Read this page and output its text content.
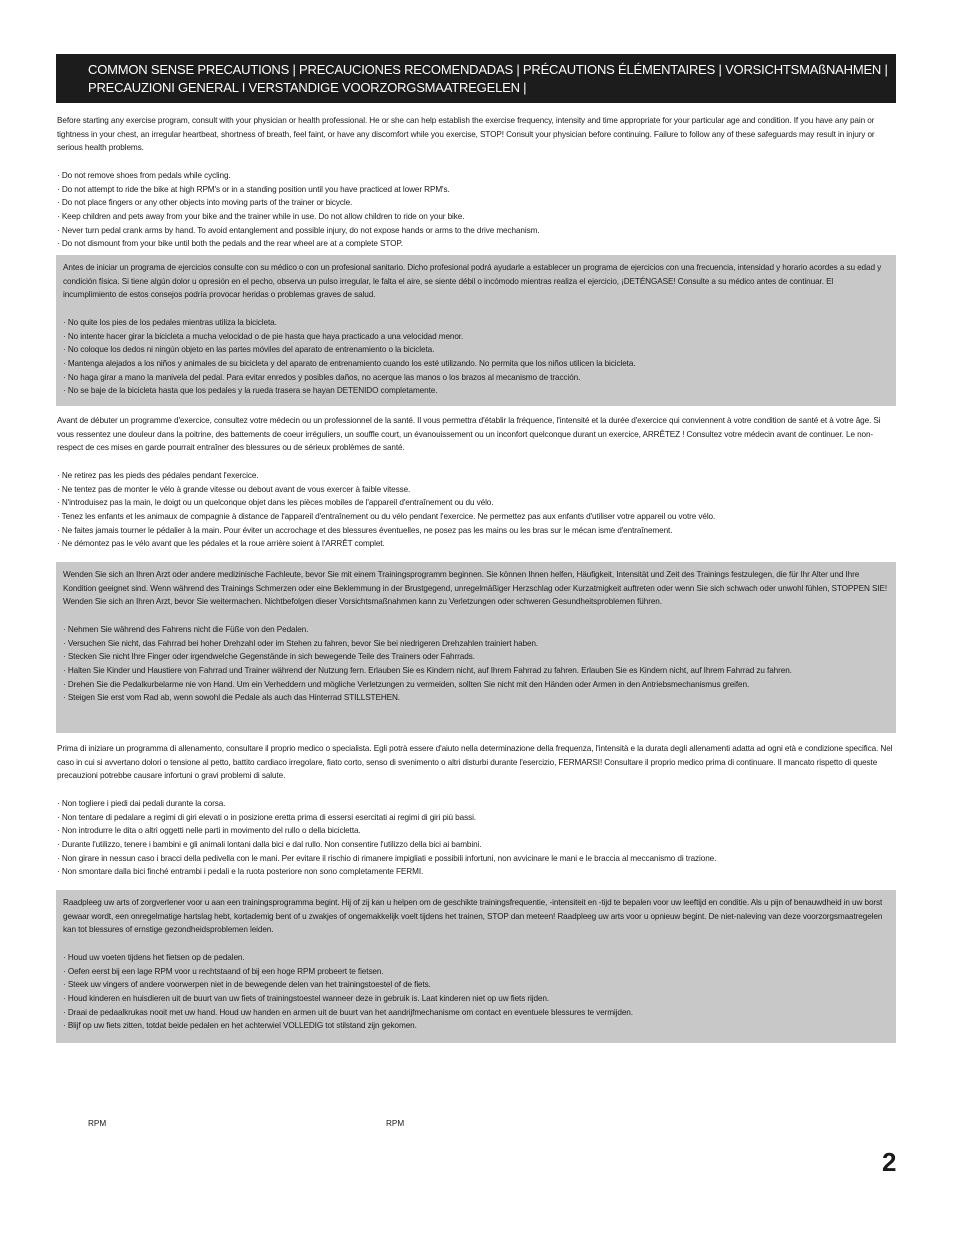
COMMON SENSE PRECAUTIONS | PRECAUCIONES RECOMENDADAS | PRÉCAUTIONS ÉLÉMENTAIRES | VORSICHTSMAßNAHMEN |
PRECAUZIONI GENERAL I VERSTANDIGE VOORZORGSMAATREGELEN |

Before starting any exercise program, consult with your physician or health professional. He or she can help establish the exercise frequency, intensity and time appropriate for your particular age and condition. If you have any pain or tightness in your chest, an irregular heartbeat, shortness of breath, feel faint, or have any discomfort while you exercise, STOP! Consult your physician before continuing. Failure to follow any of these safeguards may result in injury or serious health problems.

· Do not remove shoes from pedals while cycling.
· Do not attempt to ride the bike at high RPM's or in a standing position until you have practiced at lower RPM's.
· Do not place fingers or any other objects into moving parts of the trainer or bicycle.
· Keep children and pets away from your bike and the trainer while in use. Do not allow children to ride on your bike.
· Never turn pedal crank arms by hand. To avoid entanglement and possible injury, do not expose hands or arms to the drive mechanism.
· Do not dismount from your bike until both the pedals and the rear wheel are at a complete STOP.

Antes de iniciar un programa de ejercicios consulte con su médico o con un profesional sanitario. Dicho profesional podrá ayudarle a establecer un programa de ejercicios con una frecuencia, intensidad y horario acordes a su edad y condición física. Si tiene algún dolor u opresión en el pecho, observa un pulso irregular, le falta el aire, se siente débil o incómodo mientras realiza el ejercicio, ¡DETÉNGASE! Consulte a su médico antes de continuar. El incumplimiento de estos consejos podría provocar heridas o problemas graves de salud.

· No quite los pies de los pedales mientras utiliza la bicicleta.
· No intente hacer girar la bicicleta a mucha velocidad o de pie hasta que haya practicado a una velocidad menor.
· No coloque los dedos ni ningún objeto en las partes móviles del aparato de entrenamiento o la bicicleta.
· Mantenga alejados a los niños y animales de su bicicleta y del aparato de entrenamiento cuando los esté utilizando. No permita que los niños utilicen la bicicleta.
· No haga girar a mano la manivela del pedal. Para evitar enredos y posibles daños, no acerque las manos o los brazos al mecanismo de tracción.
· No se baje de la bicicleta hasta que los pedales y la rueda trasera se hayan DETENIDO completamente.

Avant de débuter un programme d'exercice, consultez votre médecin ou un professionnel de la santé. Il vous permettra d'établir la fréquence, l'intensité et la durée d'exercice qui conviennent à votre condition de santé et à votre âge. Si vous ressentez une douleur dans la poitrine, des battements de coeur irréguliers, un souffle court, un évanouissement ou un inconfort quelconque durant un exercice, ARRÊTEZ ! Consultez votre médecin avant de continuer. Le non-respect de ces mises en garde pourrait entraîner des blessures ou de sérieux problèmes de santé.

· Ne retirez pas les pieds des pédales pendant l'exercice.
· Ne tentez pas de monter le vélo à grande vitesse ou debout avant de vous exercer à faible vitesse.
· N'introduisez pas la main, le doigt ou un quelconque objet dans les pièces mobiles de l'appareil d'entraînement ou du vélo.
· Tenez les enfants et les animaux de compagnie à distance de l'appareil d'entraînement ou du vélo pendant l'exercice. Ne permettez pas aux enfants d'utiliser votre appareil ou votre vélo.
· Ne faites jamais tourner le pédalier à la main. Pour éviter un accrochage et des blessures éventuelles, ne posez pas les mains ou les bras sur le mécan isme d'entraînement.
· Ne démontez pas le vélo avant que les pédales et la roue arrière soient à l'ARRÊT complet.

Wenden Sie sich an Ihren Arzt oder andere medizinische Fachleute, bevor Sie mit einem Trainingsprogramm beginnen. Sie können Ihnen helfen, Häufigkeit, Intensität und Zeit des Trainings festzulegen, die für Ihr Alter und Ihre Kondition geeignet sind. Wenn während des Trainings Schmerzen oder eine Beklemmung in der Brustgegend, unregelmäßiger Herzschlag oder Kurzatmigkeit auftreten oder wenn Sie sich schwach oder unwohl fühlen, STOPPEN SIE! Wenden Sie sich an Ihren Arzt, bevor Sie weitermachen. Nichtbefolgen dieser Vorsichtsmaßnahmen kann zu Verletzungen oder schweren Gesundheitsproblemen führen.

· Nehmen Sie während des Fahrens nicht die Füße von den Pedalen.
· Versuchen Sie nicht, das Fahrrad bei hoher Drehzahl oder im Stehen zu fahren, bevor Sie bei niedrigeren Drehzahlen trainiert haben.
· Stecken Sie nicht Ihre Finger oder irgendwelche Gegenstände in sich bewegende Teile des Trainers oder Fahrrads.
· Halten Sie Kinder und Haustiere von Fahrrad und Trainer während der Nutzung fern. Erlauben Sie es Kindern nicht, auf Ihrem Fahrrad zu fahren. Erlauben Sie es Kindern nicht, auf Ihrem Fahrrad zu fahren.
· Drehen Sie die Pedalkurbelarme nie von Hand. Um ein Verheddern und mögliche Verletzungen zu vermeiden, sollten Sie nicht mit den Händen oder Armen in den Antriebsmechanismus greifen.
· Steigen Sie erst vom Rad ab, wenn sowohl die Pedale als auch das Hinterrad STILLSTEHEN.

Prima di iniziare un programma di allenamento, consultare il proprio medico o specialista. Egli potrà essere d'aiuto nella determinazione della frequenza, l'intensità e la durata degli allenamenti adatta ad ogni età e condizione specifica. Nel caso in cui si avvertano dolori o tensione al petto, battito cardiaco irregolare, fiato corto, senso di svenimento o altri disturbi durante l'esercizio, FERMARSI! Consultare il proprio medico prima di continuare. Il mancato rispetto di queste precauzioni potrebbe causare infortuni o gravi problemi di salute.

· Non togliere i piedi dai pedali durante la corsa.
· Non tentare di pedalare a regimi di giri elevati o in posizione eretta prima di essersi esercitati ai regimi di giri più bassi.
· Non introdurre le dita o altri oggetti nelle parti in movimento del rullo o della bicicletta.
· Durante l'utilizzo, tenere i bambini e gli animali lontani dalla bici e dal rullo. Non consentire l'utilizzo della bici ai bambini.
· Non girare in nessun caso i bracci della pedivella con le mani. Per evitare il rischio di rimanere impigliati e possibili infortuni, non avvicinare le mani e le braccia al meccanismo di trazione.
· Non smontare dalla bici finché entrambi i pedali e la ruota posteriore non sono completamente FERMI.

Raadpleeg uw arts of zorgverlener voor u aan een trainingsprogramma begint. Hij of zij kan u helpen om de geschikte trainingsfrequentie, -intensiteit en -tijd te bepalen voor uw leeftijd en conditie. Als u pijn of benauwdheid in uw borst gewaar wordt, een onregelmatige hartslag hebt, kortademig bent of u zwakjes of ongemakkelijk voelt tijdens het trainen, STOP dan meteen! Raadpleeg uw arts voor u opnieuw begint. De niet-naleving van deze voorzorgsmaatregelen kan tot blessures of ernstige gezondheidsproblemen leiden.

· Houd uw voeten tijdens het fietsen op de pedalen.
· Oefen eerst bij een lage RPM voor u rechtstaand of bij een hoge RPM probeert te fietsen.
· Steek uw vingers of andere voorwerpen niet in de bewegende delen van het trainingstoestel of de fiets.
· Houd kinderen en huisdieren uit de buurt van uw fiets of trainingstoestel wanneer deze in gebruik is. Laat kinderen niet op uw fiets rijden.
· Draai de pedaalkrukas nooit met uw hand. Houd uw handen en armen uit de buurt van het aandrijfmechanisme om contact en eventuele blessures te vermijden.
· Blijf op uw fiets zitten, totdat beide pedalen en het achterwiel VOLLEDIG tot stilstand zijn gekomen.
RPM	RPM
2
